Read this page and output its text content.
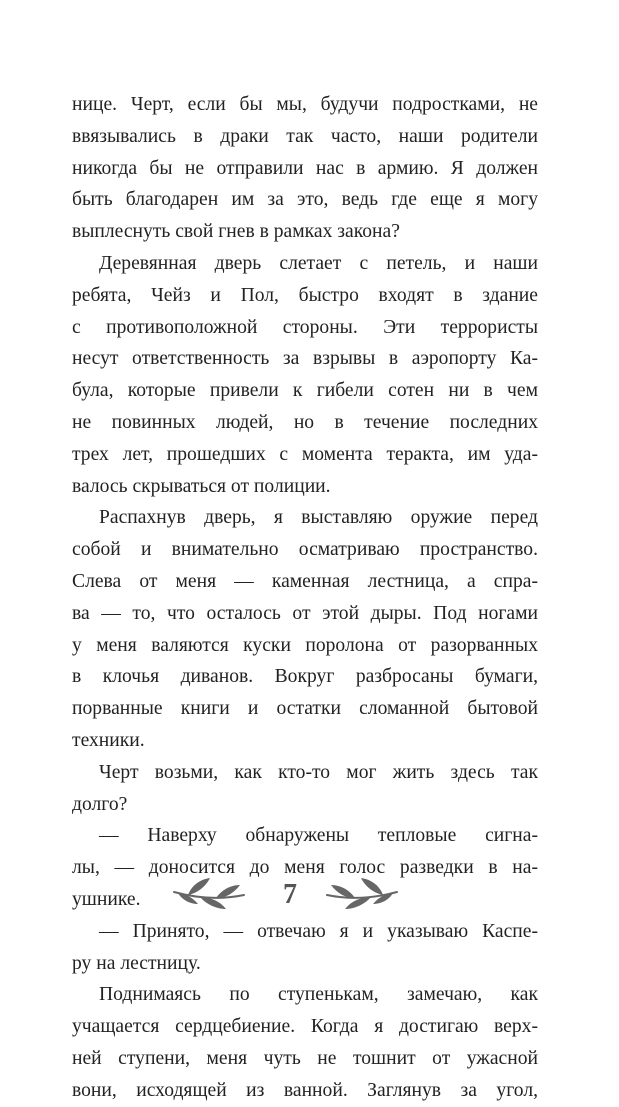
нице. Черт, если бы мы, будучи подростками, не
ввязывались в драки так часто, наши родители
никогда бы не отправили нас в армию. Я должен
быть благодарен им за это, ведь где еще я могу
выплеснуть свой гнев в рамках закона?
Деревянная дверь слетает с петель, и наши
ребята, Чейз и Пол, быстро входят в здание
с противоположной стороны. Эти террористы
несут ответственность за взрывы в аэропорту Ка-
була, которые привели к гибели сотен ни в чем
не повинных людей, но в течение последних
трех лет, прошедших с момента теракта, им уда-
валось скрываться от полиции.
Распахнув дверь, я выставляю оружие перед
собой и внимательно осматриваю пространство.
Слева от меня — каменная лестница, а спра-
ва — то, что осталось от этой дыры. Под ногами
у меня валяются куски поролона от разорванных
в клочья диванов. Вокруг разбросаны бумаги,
порванные книги и остатки сломанной бытовой
техники.
Черт возьми, как кто-то мог жить здесь так
долго?
— Наверху обнаружены тепловые сигна-
лы, — доносится до меня голос разведки в на-
ушнике.
— Принято, — отвечаю я и указываю Каспе-
ру на лестницу.
Поднимаясь по ступенькам, замечаю, как
учащается сердцебиение. Когда я достигаю верх-
ней ступени, меня чуть не тошнит от ужасной
вони, исходящей из ванной. Заглянув за угол,
7
